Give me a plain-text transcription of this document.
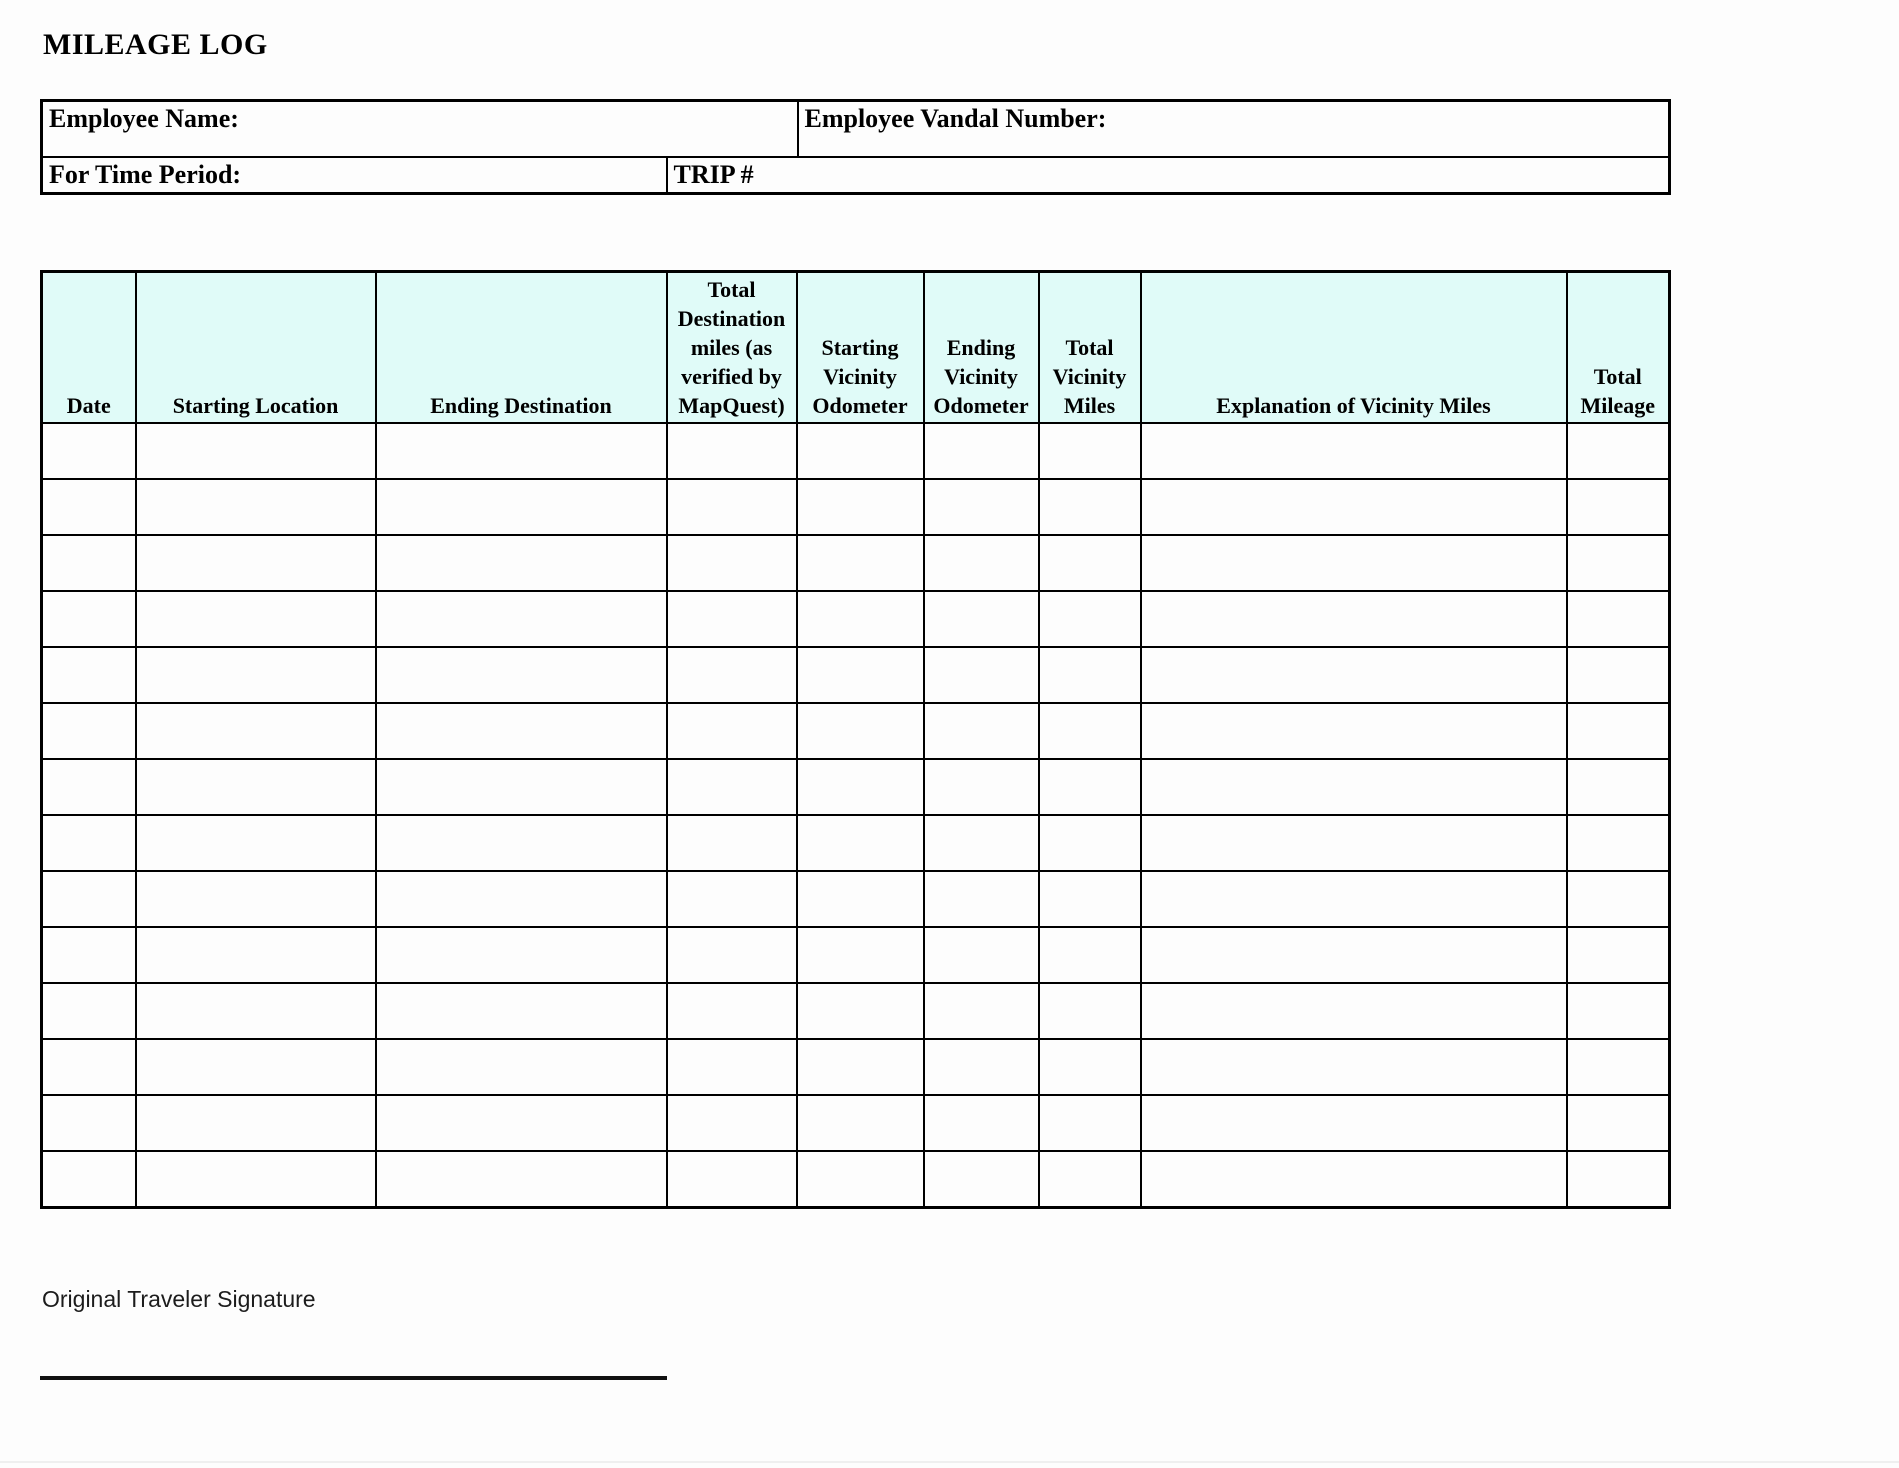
MILEAGE LOG
Employee Name:		Employee Vandal Number:
For Time Period:	TRIP #	
Date	Starting Location	Ending Destination	Total Destination miles (as verified by MapQuest)	Starting Vicinity Odometer	Ending Vicinity Odometer	Total Vicinity Miles	Explanation of Vicinity Miles	Total Mileage

Original Traveler Signature
